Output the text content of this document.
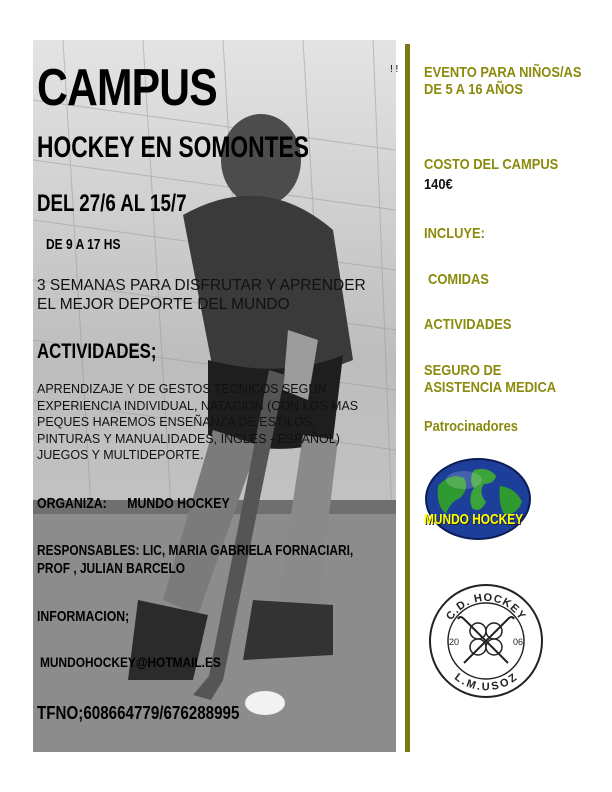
CAMPUS
HOCKEY EN SOMONTES
DEL 27/6 AL 15/7
DE 9 A 17 HS
3 SEMANAS PARA DISFRUTAR Y APRENDER EL MEJOR DEPORTE DEL MUNDO
! !
ACTIVIDADES;
APRENDIZAJE Y DE GESTOS TECNICOS SEGÚN EXPERIENCIA INDIVIDUAL, NATACION (CON LOS MAS PEQUES HAREMOS ENSEÑANZA DE ESTILOS, PINTURAS Y MANUALIDADES, INGLES - ESPAÑOL) JUEGOS Y MULTIDEPORTE.
ORGANIZA:      MUNDO HOCKEY
RESPONSABLES: LIC, MARIA GABRIELA FORNACIARI, PROF , JULIAN BARCELO
INFORMACION;
MUNDOHOCKEY@HOTMAIL.ES
TFNO;608664779/676288995
EVENTO PARA NIÑOS/AS DE 5 A 16 AÑOS
COSTO DEL CAMPUS
140€
INCLUYE:
COMIDAS
ACTIVIDADES
SEGURO DE ASISTENCIA MEDICA
Patrocinadores
MUNDO HOCKEY
C.D. HOCKEY
L.M.USOZ
20	06
